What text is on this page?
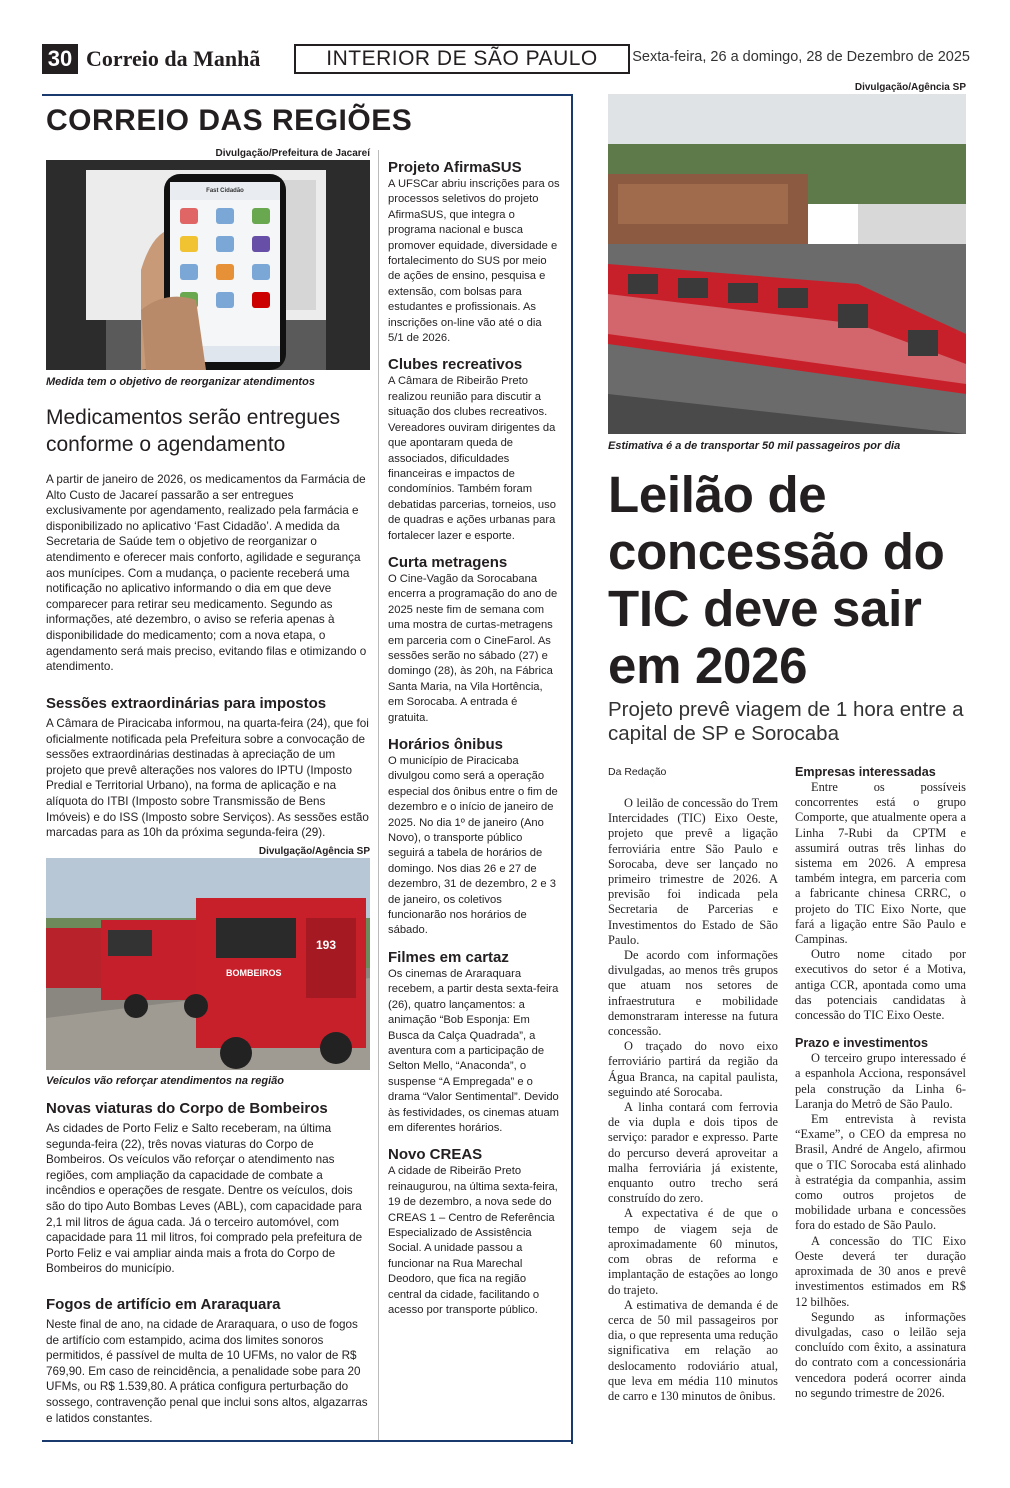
30 Correio da Manhã	INTERIOR DE SÃO PAULO	Sexta-feira, 26 a domingo, 28 de Dezembro de 2025
CORREIO DAS REGIÕES
Divulgação/Prefeitura de Jacareí
Fast Cidadão
Medida tem o objetivo de reorganizar atendimentos
Medicamentos serão entregues conforme o agendamento
A partir de janeiro de 2026, os medicamentos da Farmácia de Alto Custo de Jacareí passarão a ser entregues exclusivamente por agendamento, realizado pela farmácia e disponibilizado no aplicativo ‘Fast Cidadão’. A medida da Secretaria de Saúde tem o objetivo de reorganizar o atendimento e oferecer mais conforto, agilidade e segurança aos munícipes. Com a mudança, o paciente receberá uma notificação no aplicativo informando o dia em que deve comparecer para retirar seu medicamento. Segundo as informações, até dezembro, o aviso se referia apenas à disponibilidade do medicamento; com a nova etapa, o agendamento será mais preciso, evitando filas e otimizando o atendimento.
Sessões extraordinárias para impostos
A Câmara de Piracicaba informou, na quarta-feira (24), que foi oficialmente notificada pela Prefeitura sobre a convocação de sessões extraordinárias destinadas à apreciação de um projeto que prevê alterações nos valores do IPTU (Imposto Predial e Territorial Urbano), na forma de aplicação e na alíquota do ITBI (Imposto sobre Transmissão de Bens Imóveis) e do ISS (Imposto sobre Serviços). As sessões estão marcadas para as 10h da próxima segunda-feira (29).
Divulgação/Agência SP
BOMBEIROS
193
Veículos vão reforçar atendimentos na região
Novas viaturas do Corpo de Bombeiros
As cidades de Porto Feliz e Salto receberam, na última segunda-feira (22), três novas viaturas do Corpo de Bombeiros. Os veículos vão reforçar o atendimento nas regiões, com ampliação da capacidade de combate a incêndios e operações de resgate. Dentre os veículos, dois são do tipo Auto Bombas Leves (ABL), com capacidade para 2,1 mil litros de água cada. Já o terceiro automóvel, com capacidade para 11 mil litros, foi comprado pela prefeitura de Porto Feliz e vai ampliar ainda mais a frota do Corpo de Bombeiros do município.
Fogos de artifício em Araraquara
Neste final de ano, na cidade de Araraquara, o uso de fogos de artifício com estampido, acima dos limites sonoros permitidos, é passível de multa de 10 UFMs, no valor de R$ 769,90. Em caso de reincidência, a penalidade sobe para 20 UFMs, ou R$ 1.539,80. A prática configura perturbação do sossego, contravenção penal que inclui sons altos, algazarras e latidos constantes.
Projeto AfirmaSUS
A UFSCar abriu inscrições para os processos seletivos do projeto AfirmaSUS, que integra o programa nacional e busca promover equidade, diversidade e fortalecimento do SUS por meio de ações de ensino, pesquisa e extensão, com bolsas para estudantes e profissionais. As inscrições on-line vão até o dia 5/1 de 2026.
Clubes recreativos
A Câmara de Ribeirão Preto realizou reunião para discutir a situação dos clubes recreativos. Vereadores ouviram dirigentes da que apontaram queda de associados, dificuldades financeiras e impactos de condomínios. Também foram debatidas parcerias, torneios, uso de quadras e ações urbanas para fortalecer lazer e esporte.
Curta metragens
O Cine-Vagão da Sorocabana encerra a programação do ano de 2025 neste fim de semana com uma mostra de curtas-metragens em parceria com o CineFarol. As sessões serão no sábado (27) e domingo (28), às 20h, na Fábrica Santa Maria, na Vila Hortência, em Sorocaba. A entrada é gratuita.
Horários ônibus
O município de Piracicaba divulgou como será a operação especial dos ônibus entre o fim de dezembro e o início de janeiro de 2025. No dia 1º de janeiro (Ano Novo), o transporte público seguirá a tabela de horários de domingo. Nos dias 26 e 27 de dezembro, 31 de dezembro, 2 e 3 de janeiro, os coletivos funcionarão nos horários de sábado.
Filmes em cartaz
Os cinemas de Araraquara recebem, a partir desta sexta-feira (26), quatro lançamentos: a animação “Bob Esponja: Em Busca da Calça Quadrada”, a aventura com a participação de Selton Mello, “Anaconda”, o suspense “A Empregada” e o drama “Valor Sentimental”. Devido às festividades, os cinemas atuam em diferentes horários.
Novo CREAS
A cidade de Ribeirão Preto reinaugurou, na última sexta-feira, 19 de dezembro, a nova sede do CREAS 1 – Centro de Referência Especializado de Assistência Social. A unidade passou a funcionar na Rua Marechal Deodoro, que fica na região central da cidade, facilitando o acesso por transporte público.
Divulgação/Agência SP
Estimativa é a de transportar 50 mil passageiros por dia
Leilão de concessão do TIC deve sair em 2026
Projeto prevê viagem de 1 hora entre a capital de SP e Sorocaba
Da Redação

O leilão de concessão do Trem Intercidades (TIC) Eixo Oeste, projeto que prevê a ligação ferroviária entre São Paulo e Sorocaba, deve ser lançado no primeiro trimestre de 2026. A previsão foi indicada pela Secretaria de Parcerias e Investimentos do Estado de São Paulo.

De acordo com informações divulgadas, ao menos três grupos que atuam nos setores de infraestrutura e mobilidade demonstraram interesse na futura concessão.

O traçado do novo eixo ferroviário partirá da região da Água Branca, na capital paulista, seguindo até Sorocaba.

A linha contará com ferrovia de via dupla e dois tipos de serviço: parador e expresso. Parte do percurso deverá aproveitar a malha ferroviária já existente, enquanto outro trecho será construído do zero.

A expectativa é de que o tempo de viagem seja de aproximadamente 60 minutos, com obras de reforma e implantação de estações ao longo do trajeto.

A estimativa de demanda é de cerca de 50 mil passageiros por dia, o que representa uma redução significativa em relação ao deslocamento rodoviário atual, que leva em média 110 minutos de carro e 130 minutos de ônibus.

Empresas interessadas

Entre os possíveis concorrentes está o grupo Comporte, que atualmente opera a Linha 7-Rubi da CPTM e assumirá outras três linhas do sistema em 2026. A empresa também integra, em parceria com a fabricante chinesa CRRC, o projeto do TIC Eixo Norte, que fará a ligação entre São Paulo e Campinas.

Outro nome citado por executivos do setor é a Motiva, antiga CCR, apontada como uma das potenciais candidatas à concessão do TIC Eixo Oeste.

Prazo e investimentos

O terceiro grupo interessado é a espanhola Acciona, responsável pela construção da Linha 6-Laranja do Metrô de São Paulo.

Em entrevista à revista “Exame”, o CEO da empresa no Brasil, André de Angelo, afirmou que o TIC Sorocaba está alinhado à estratégia da companhia, assim como outros projetos de mobilidade urbana e concessões fora do estado de São Paulo.

A concessão do TIC Eixo Oeste deverá ter duração aproximada de 30 anos e prevê investimentos estimados em R$ 12 bilhões.

Segundo as informações divulgadas, caso o leilão seja concluído com êxito, a assinatura do contrato com a concessionária vencedora poderá ocorrer ainda no segundo trimestre de 2026.
